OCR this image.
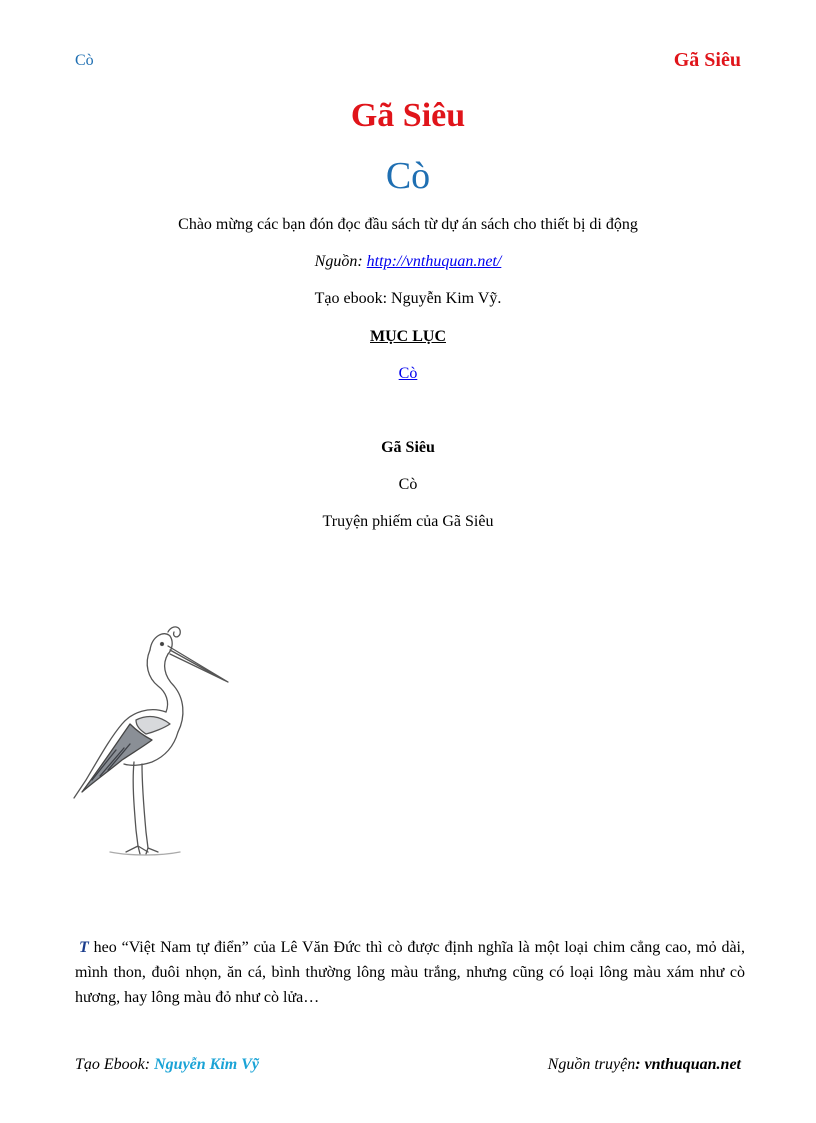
Cò	Gã Siêu
Gã Siêu
Cò
Chào mừng các bạn đón đọc đầu sách từ dự án sách cho thiết bị di động
Nguồn: http://vnthuquan.net/
Tạo ebook: Nguyễn Kim Vỹ.
MỤC LỤC
Cò
Gã Siêu
Cò
Truyện phiếm của Gã Siêu
T heo “Việt Nam tự điển” của Lê Văn Đức thì cò được định nghĩa là một loại chim cẳng cao, mỏ dài, mình thon, đuôi nhọn, ăn cá, bình thường lông màu trắng, nhưng cũng có loại lông màu xám như cò hương, hay lông màu đỏ như cò lửa…
Tạo Ebook: Nguyễn Kim Vỹ	Nguồn truyện: vnthuquan.net
